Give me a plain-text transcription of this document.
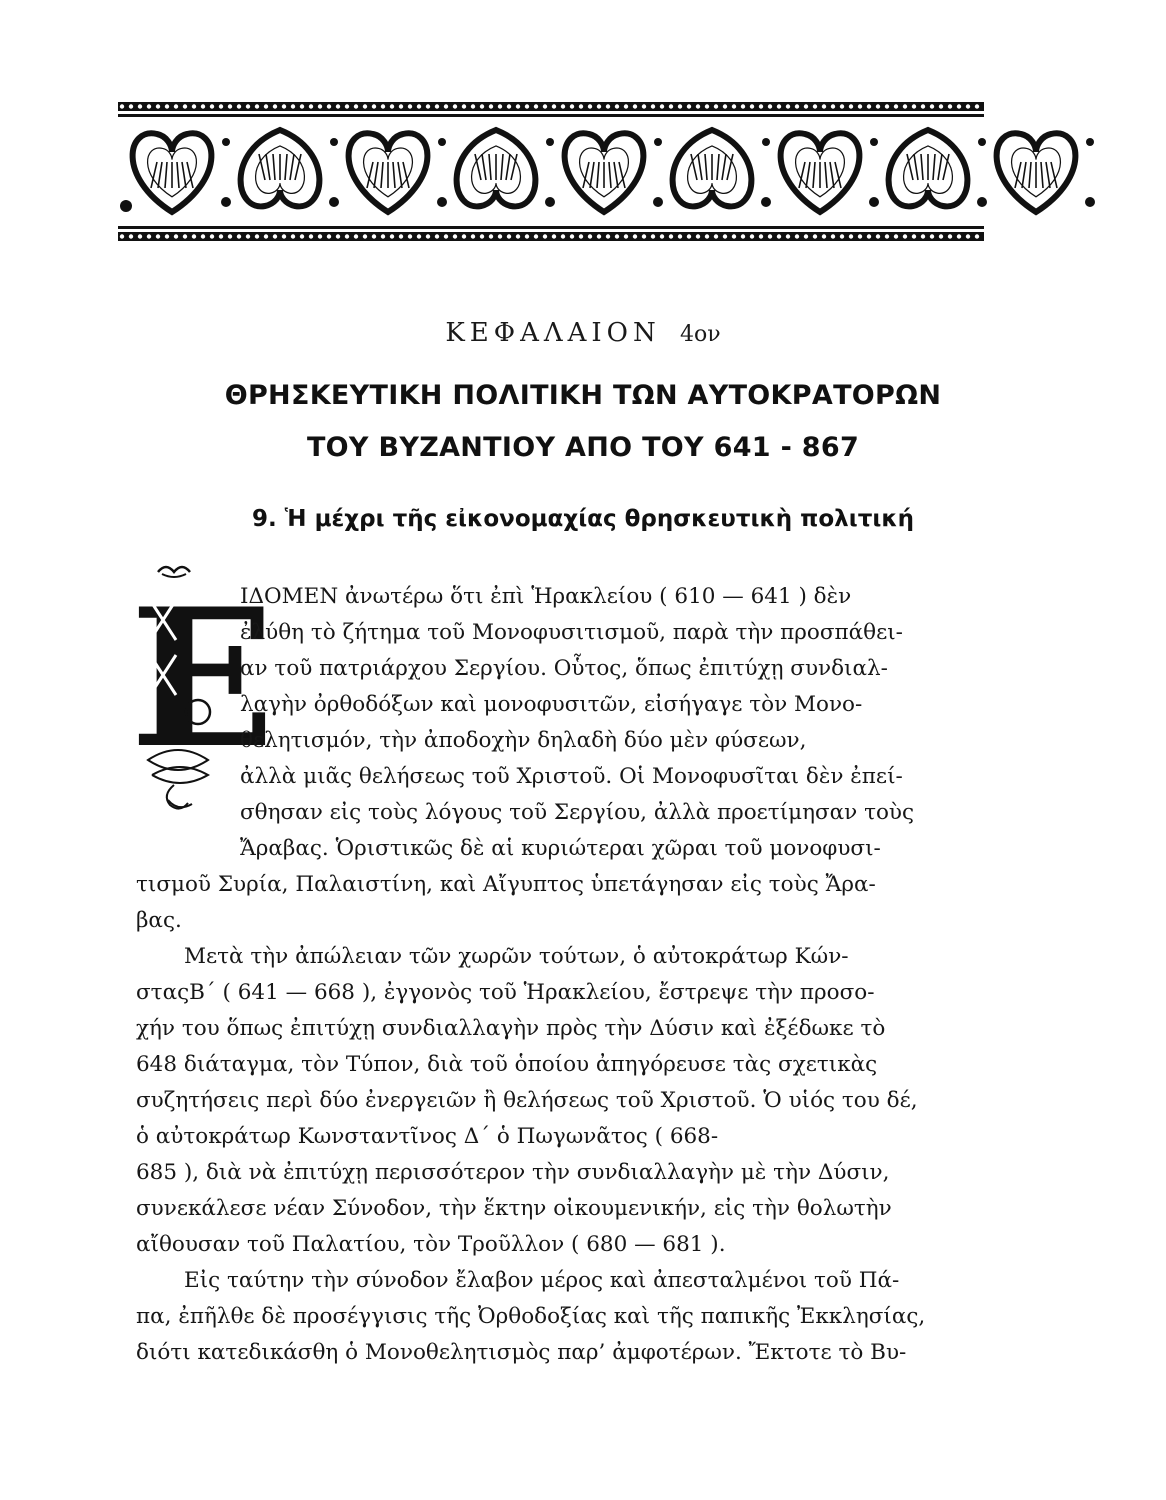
ΚΕΦΑΛΑΙΟΝ 4ον
ΘΡΗΣΚΕΥΤΙΚΗ ΠΟΛΙΤΙΚΗ ΤΩΝ ΑΥΤΟΚΡΑΤΟΡΩΝ
ΤΟΥ ΒΥΖΑΝΤΙΟΥ ΑΠΟ ΤΟΥ 641 - 867
9. Ἡ μέχρι τῆς εἰκονομαχίας θρησκευτικὴ πολιτική
Ε
ΙΔΟΜΕΝ ἀνωτέρω ὅτι ἐπὶ Ἡρακλείου ( 610 — 641 ) δὲν
ἐλύθη τὸ ζήτημα τοῦ Μονοφυσιτισμοῦ, παρὰ τὴν προσπάθει-
αν τοῦ πατριάρχου Σεργίου. Οὗτος, ὅπως ἐπιτύχῃ συνδιαλ-
λαγὴν ὀρθοδόξων καὶ μονοφυσιτῶν, εἰσήγαγε τὸν Μονο-
θελητισμόν, τὴν ἀποδοχὴν δηλαδὴ δύο μὲν φύσεων,
ἀλλὰ μιᾶς θελήσεως τοῦ Χριστοῦ. Οἱ Μονοφυσῖται δὲν ἐπεί-
σθησαν εἰς τοὺς λόγους τοῦ Σεργίου, ἀλλὰ προετίμησαν τοὺς
Ἄραβας. Ὁριστικῶς δὲ αἱ κυριώτεραι χῶραι τοῦ μονοφυσι-
τισμοῦ Συρία, Παλαιστίνη, καὶ Αἴγυπτος ὑπετάγησαν εἰς τοὺς Ἄρα-
βας.
Μετὰ τὴν ἀπώλειαν τῶν χωρῶν τούτων, ὁ αὐτοκράτωρ Κών-
σταςΒ΄ ( 641 — 668 ), ἐγγονὸς τοῦ Ἡρακλείου, ἔστρεψε τὴν προσο-
χήν του ὅπως ἐπιτύχῃ συνδιαλλαγὴν πρὸς τὴν Δύσιν καὶ ἐξέδωκε τὸ
648 διάταγμα, τὸν Τύπον, διὰ τοῦ ὁποίου ἀπηγόρευσε τὰς σχετικὰς
συζητήσεις περὶ δύο ἐνεργειῶν ἢ θελήσεως τοῦ Χριστοῦ. Ὁ υἱός του δέ,
ὁ αὐτοκράτωρ Κωνσταντῖνος Δ΄ ὁ Πωγωνᾶτος ( 668-
685 ), διὰ νὰ ἐπιτύχῃ περισσότερον τὴν συνδιαλλαγὴν μὲ τὴν Δύσιν,
συνεκάλεσε νέαν Σύνοδον, τὴν ἕκτην οἰκουμενικήν, εἰς τὴν θολωτὴν
αἴθουσαν τοῦ Παλατίου, τὸν Τροῦλλον ( 680 — 681 ).
Εἰς ταύτην τὴν σύνοδον ἔλαβον μέρος καὶ ἀπεσταλμένοι τοῦ Πά-
πα, ἐπῆλθε δὲ προσέγγισις τῆς Ὀρθοδοξίας καὶ τῆς παπικῆς Ἐκκλησίας,
διότι κατεδικάσθη ὁ Μονοθελητισμὸς παρ’ ἀμφοτέρων. Ἔκτοτε τὸ Βυ-
